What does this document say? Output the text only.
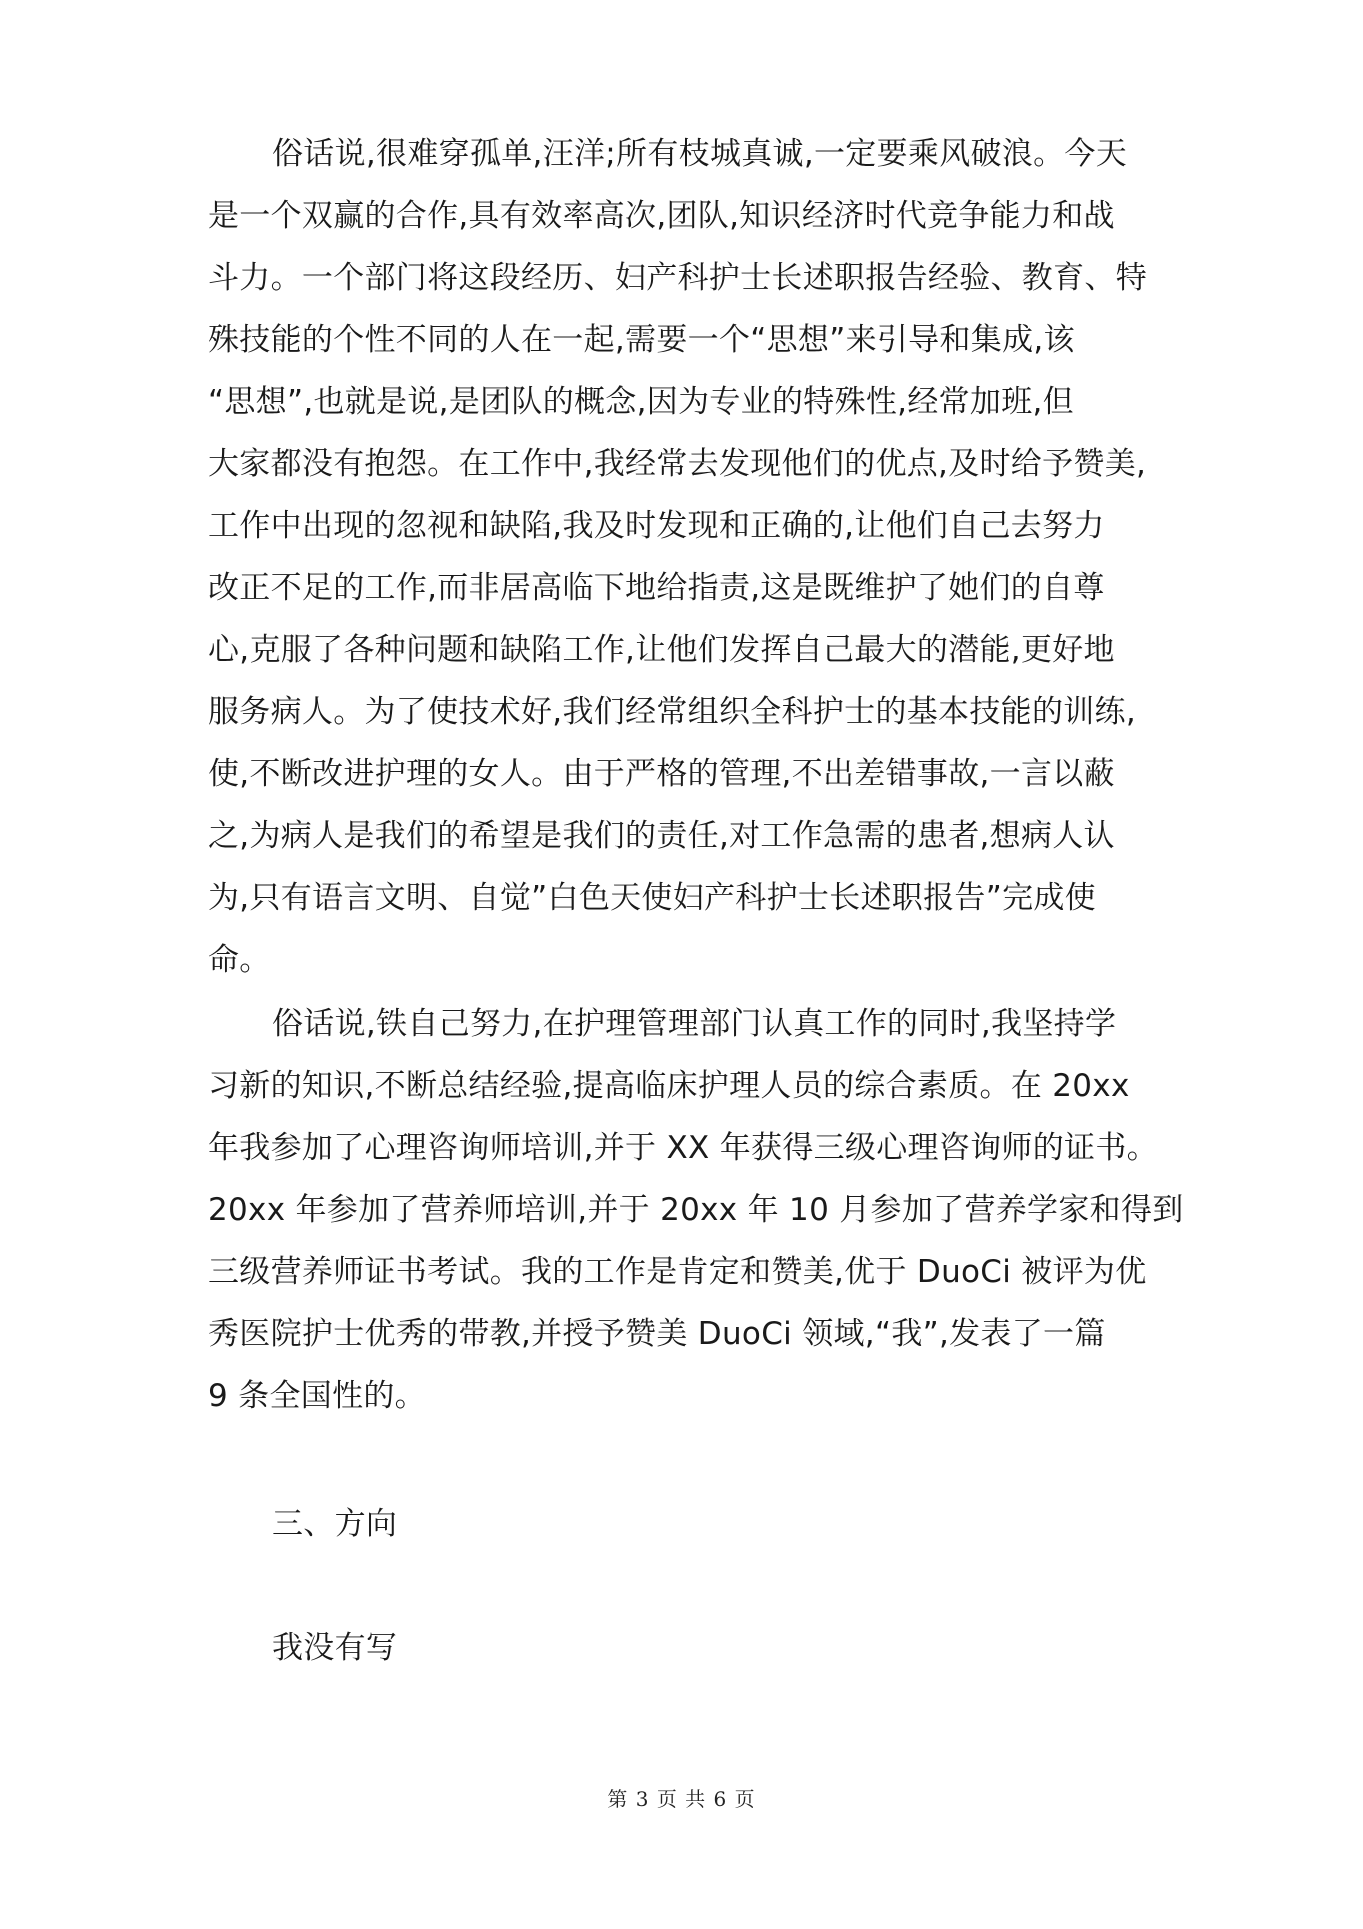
俗话说,很难穿孤单,汪洋;所有枝城真诚,一定要乘风破浪。今天
是一个双赢的合作,具有效率高次,团队,知识经济时代竞争能力和战
斗力。一个部门将这段经历、妇产科护士长述职报告经验、教育、特
殊技能的个性不同的人在一起,需要一个“思想”来引导和集成,该
“思想”,也就是说,是团队的概念,因为专业的特殊性,经常加班,但
大家都没有抱怨。在工作中,我经常去发现他们的优点,及时给予赞美,
工作中出现的忽视和缺陷,我及时发现和正确的,让他们自己去努力
改正不足的工作,而非居高临下地给指责,这是既维护了她们的自尊
心,克服了各种问题和缺陷工作,让他们发挥自己最大的潜能,更好地
服务病人。为了使技术好,我们经常组织全科护士的基本技能的训练,
使,不断改进护理的女人。由于严格的管理,不出差错事故,一言以蔽
之,为病人是我们的希望是我们的责任,对工作急需的患者,想病人认
为,只有语言文明、自觉”白色天使妇产科护士长述职报告”完成使
命。
俗话说,铁自己努力,在护理管理部门认真工作的同时,我坚持学
习新的知识,不断总结经验,提高临床护理人员的综合素质。在 20xx
年我参加了心理咨询师培训,并于 XX 年获得三级心理咨询师的证书。
20xx 年参加了营养师培训,并于 20xx 年 10 月参加了营养学家和得到
三级营养师证书考试。我的工作是肯定和赞美,优于 DuoCi 被评为优
秀医院护士优秀的带教,并授予赞美 DuoCi 领域,“我”,发表了一篇
9 条全国性的。
三、方向
我没有写
第 3 页 共 6 页
